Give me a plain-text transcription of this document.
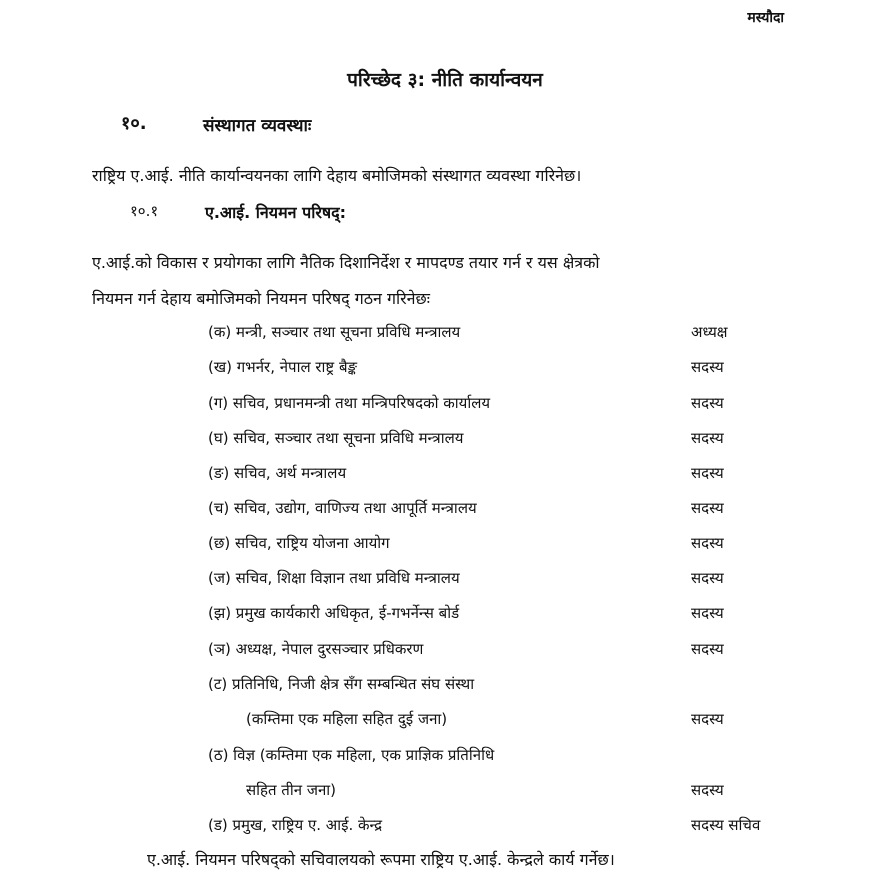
मस्यौदा
परिच्छेद ३: नीति कार्यान्वयन
१०.	संस्थागत व्यवस्थाः
राष्ट्रिय ए.आई. नीति कार्यान्वयनका लागि देहाय बमोजिमको संस्थागत व्यवस्था गरिनेछ।
१०.१	ए.आई. नियमन परिषद्:
ए.आई.को विकास र प्रयोगका लागि नैतिक दिशानिर्देश र मापदण्ड तयार गर्न र यस क्षेत्रको
नियमन गर्न देहाय बमोजिमको नियमन परिषद् गठन गरिनेछः
(क) मन्त्री, सञ्चार तथा सूचना प्रविधि मन्त्रालय	अध्यक्ष
(ख) गभर्नर, नेपाल राष्ट्र बैङ्क	सदस्य
(ग) सचिव, प्रधानमन्त्री तथा मन्त्रिपरिषदको कार्यालय	सदस्य
(घ) सचिव, सञ्चार तथा सूचना प्रविधि मन्त्रालय	सदस्य
(ङ) सचिव, अर्थ मन्त्रालय	सदस्य
(च) सचिव, उद्योग, वाणिज्य तथा आपूर्ति मन्त्रालय	सदस्य
(छ) सचिव, राष्ट्रिय योजना आयोग	सदस्य
(ज) सचिव, शिक्षा विज्ञान तथा प्रविधि मन्त्रालय	सदस्य
(झ) प्रमुख कार्यकारी अधिकृत, ई-गभर्नेन्स बोर्ड	सदस्य
(ञ) अध्यक्ष, नेपाल दुरसञ्चार प्रधिकरण	सदस्य
(ट) प्रतिनिधि, निजी क्षेत्र सँग सम्बन्धित संघ संस्था
(कम्तिमा एक महिला सहित दुई जना)	सदस्य
(ठ) विज्ञ (कम्तिमा एक महिला, एक प्राज्ञिक प्रतिनिधि
सहित तीन जना)	सदस्य
(ड) प्रमुख, राष्ट्रिय ए. आई. केन्द्र	सदस्य सचिव
ए.आई. नियमन परिषद्को सचिवालयको रूपमा राष्ट्रिय ए.आई. केन्द्रले कार्य गर्नेछ।
